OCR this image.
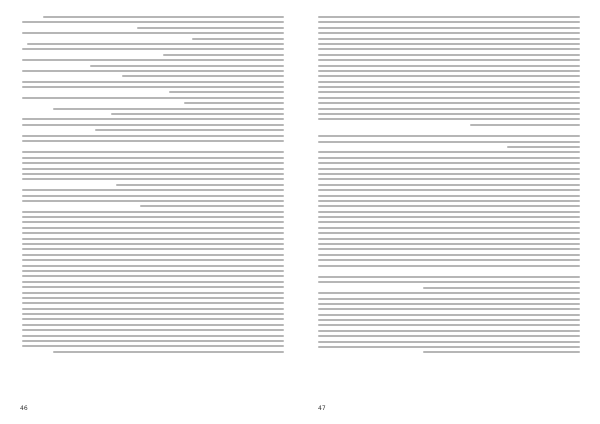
46	47
